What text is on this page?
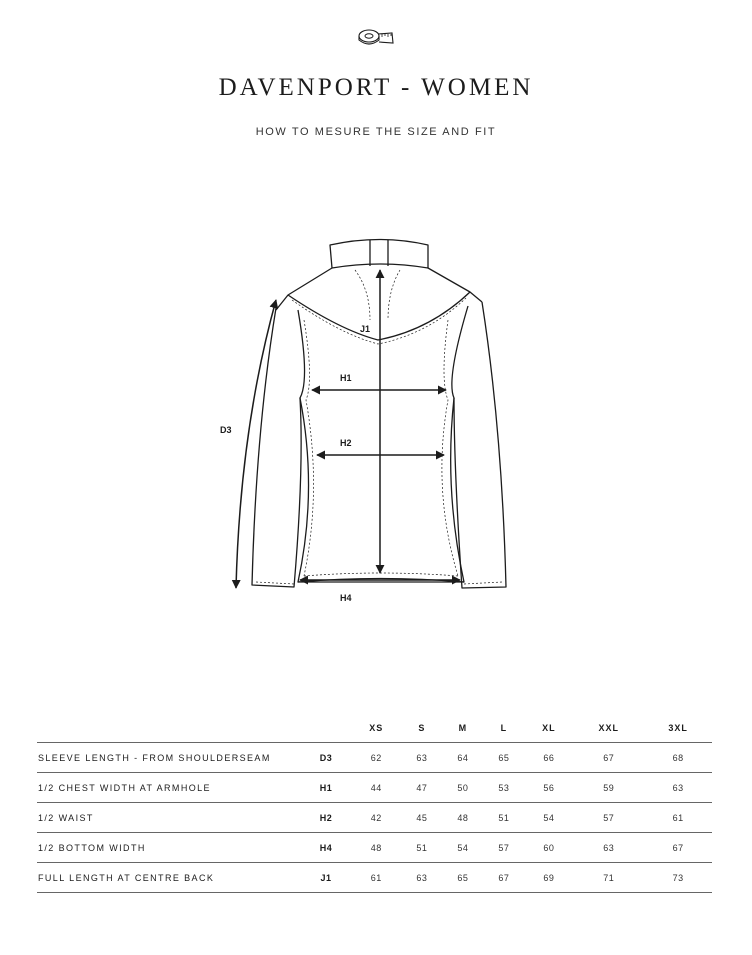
DAVENPORT - WOMEN
HOW TO MESURE THE SIZE AND FIT
J1
H1
H2
D3
H4
		XS	S	M	L	XL	XXL	3XL
SLEEVE LENGTH - FROM SHOULDERSEAM	D3	62	63	64	65	66	67	68
1/2 CHEST WIDTH AT ARMHOLE	H1	44	47	50	53	56	59	63
1/2 WAIST	H2	42	45	48	51	54	57	61
1/2 BOTTOM WIDTH	H4	48	51	54	57	60	63	67
FULL LENGTH AT CENTRE BACK	J1	61	63	65	67	69	71	73
